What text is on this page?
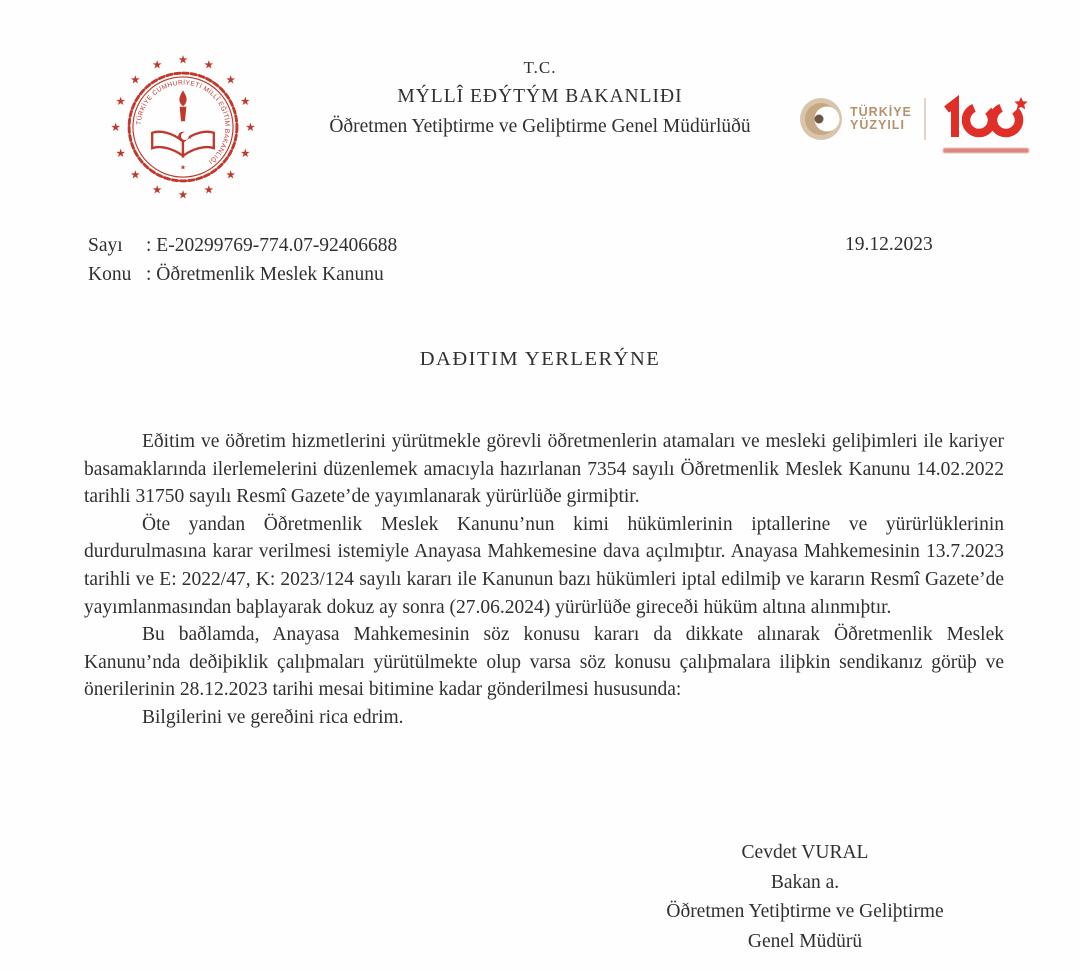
★
★
★
★
★
★
★
★
★
★
★
★ ★ ★
★
★
TÜRKİYE CUMHURİYETİ MİLLÎ EĞİTİM BAKANLIĞI
★
★
T.C.
MÝLLÎ EÐÝTÝM BAKANLIÐI
Öðretmen Yetiþtirme ve Geliþtirme Genel Müdürlüðü
TÜRKİYE
YÜZYILI
Sayı	: E-20299769-774.07-92406688
Konu : Öðretmenlik Meslek Kanunu
19.12.2023
DAÐITIM YERLERÝNE

Eðitim ve öðretim hizmetlerini yürütmekle görevli öðretmenlerin atamaları ve mesleki geliþimleri ile kariyer basamaklarında ilerlemelerini düzenlemek amacıyla hazırlanan 7354 sayılı Öðretmenlik Meslek Kanunu 14.02.2022 tarihli 31750 sayılı Resmî Gazete’de yayımlanarak yürürlüðe girmiþtir.

Öte yandan Öðretmenlik Meslek Kanunu’nun kimi hükümlerinin iptallerine ve yürürlüklerinin durdurulmasına karar verilmesi istemiyle Anayasa Mahkemesine dava açılmıþtır. Anayasa Mahkemesinin 13.7.2023 tarihli ve E: 2022/47, K: 2023/124 sayılı kararı ile Kanunun bazı hükümleri iptal edilmiþ ve kararın Resmî Gazete’de yayımlanmasından baþlayarak dokuz ay sonra (27.06.2024) yürürlüðe gireceði hüküm altına alınmıþtır.

Bu baðlamda, Anayasa Mahkemesinin söz konusu kararı da dikkate alınarak Öðretmenlik Meslek Kanunu’nda deðiþiklik çalıþmaları yürütülmekte olup varsa söz konusu çalıþmalara iliþkin sendikanız görüþ ve önerilerinin 28.12.2023 tarihi mesai bitimine kadar gönderilmesi hususunda:

Bilgilerini ve gereðini rica edrim.

Cevdet VURAL
Bakan a.
Öðretmen Yetiþtirme ve Geliþtirme
Genel Müdürü
